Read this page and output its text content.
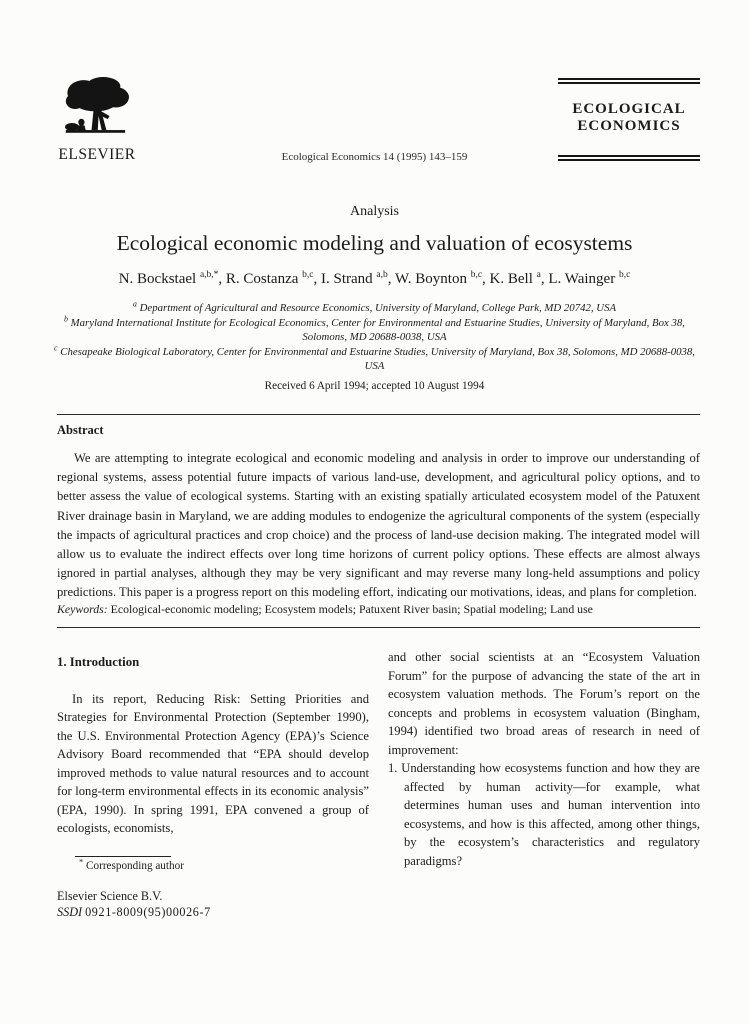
ELSEVIER	Ecological Economics 14 (1995) 143–159
ECOLOGICAL
ECONOMICS
Analysis
Ecological economic modeling and valuation of ecosystems
N. Bockstael $^{a,b,*}$, R. Costanza $^{b,c}$, I. Strand $^{a,b}$, W. Boynton $^{b,c}$, K. Bell $^a$, L. Wainger $^{b,c}$
$^a$ Department of Agricultural and Resource Economics, University of Maryland, College Park, MD 20742, USA
$^b$ Maryland International Institute for Ecological Economics, Center for Environmental and Estuarine Studies, University of Maryland, Box 38, Solomons, MD 20688-0038, USA
$^c$ Chesapeake Biological Laboratory, Center for Environmental and Estuarine Studies, University of Maryland, Box 38, Solomons, MD 20688-0038, USA
Received 6 April 1994; accepted 10 August 1994
Abstract
We are attempting to integrate ecological and economic modeling and analysis in order to improve our understanding of regional systems, assess potential future impacts of various land-use, development, and agricultural policy options, and to better assess the value of ecological systems. Starting with an existing spatially articulated ecosystem model of the Patuxent River drainage basin in Maryland, we are adding modules to endogenize the agricultural components of the system (especially the impacts of agricultural practices and crop choice) and the process of land-use decision making. The integrated model will allow us to evaluate the indirect effects over long time horizons of current policy options. These effects are almost always ignored in partial analyses, although they may be very significant and may reverse many long-held assumptions and policy predictions. This paper is a progress report on this modeling effort, indicating our motivations, ideas, and plans for completion.
Keywords: Ecological-economic modeling; Ecosystem models; Patuxent River basin; Spatial modeling; Land use
1. Introduction

In its report, Reducing Risk: Setting Priorities and Strategies for Environmental Protection (September 1990), the U.S. Environmental Protection Agency (EPA)’s Science Advisory Board recommended that “EPA should develop improved methods to value natural resources and to account for long-term environmental effects in its economic analysis” (EPA, 1990). In spring 1991, EPA convened a group of ecologists, economists,

and other social scientists at an “Ecosystem Valuation Forum” for the purpose of advancing the state of the art in ecosystem valuation methods. The Forum’s report on the concepts and problems in ecosystem valuation (Bingham, 1994) identified two broad areas of research in need of improvement:

1. Understanding how ecosystems function and how they are affected by human activity—for example, what determines human uses and human intervention into ecosystems, and how is this affected, among other things, by the ecosystem’s characteristics and regulatory paradigms?
* Corresponding author
Elsevier Science B.V.
SSDI 0921-8009(95)00026-7
